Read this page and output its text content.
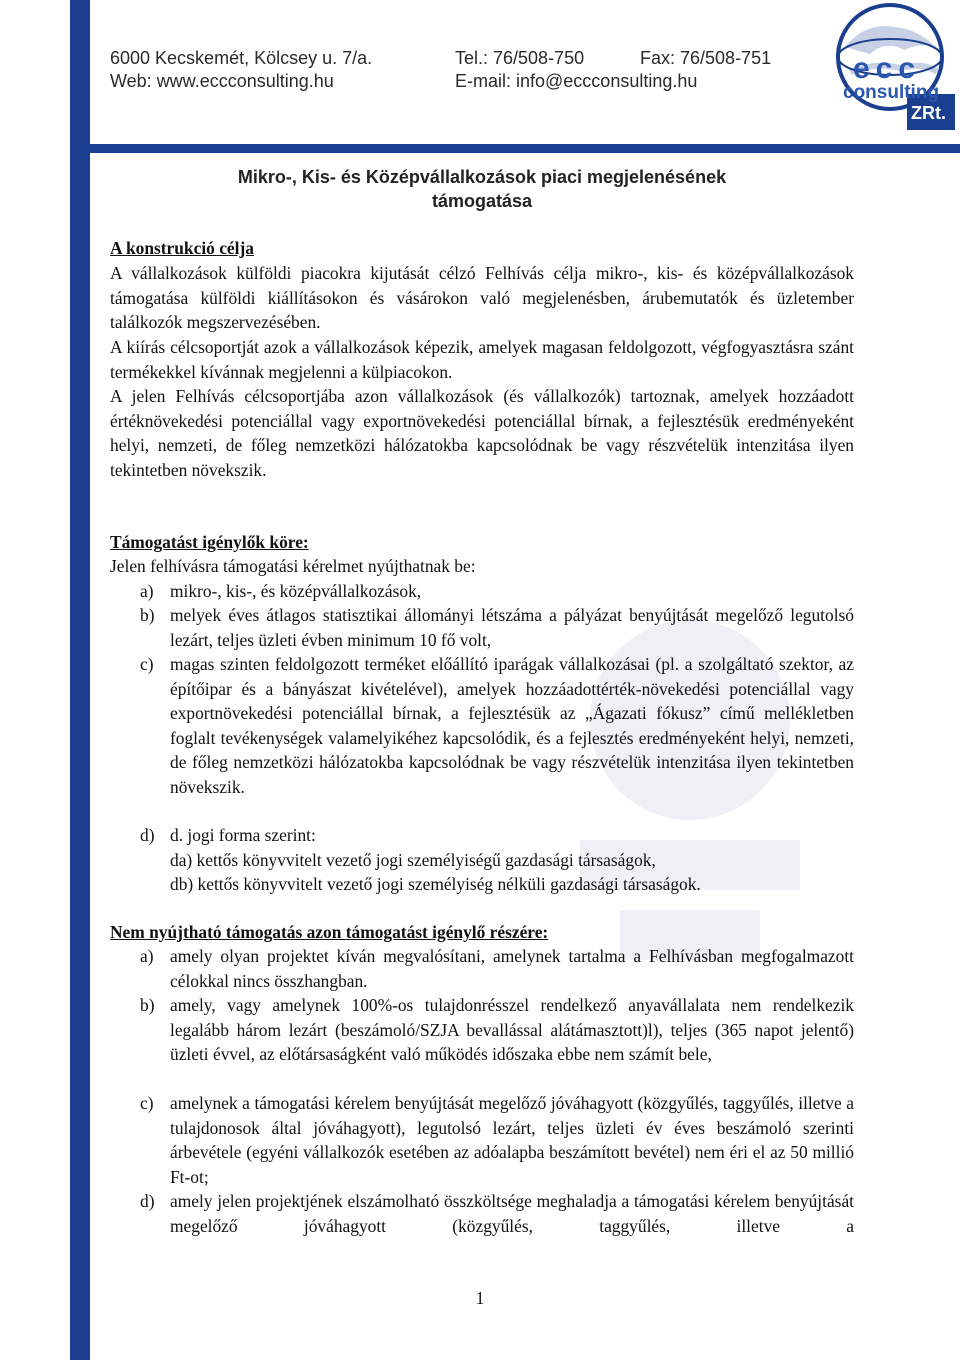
6000 Kecskemét, Kölcsey u. 7/a.	Tel.: 76/508-750	Fax: 76/508-751
Web: www.eccconsulting.hu	E-mail: info@eccconsulting.hu	ecc
consulting
ZRt.
Mikro-, Kis- és Középvállalkozások piaci megjelenésének
támogatása
A konstrukció célja

A vállalkozások külföldi piacokra kijutását célzó Felhívás célja mikro-, kis- és középvállalkozások támogatása külföldi kiállításokon és vásárokon való megjelenésben, árubemutatók és üzletember találkozók megszervezésében.

A kiírás célcsoportját azok a vállalkozások képezik, amelyek magasan feldolgozott, végfogyasztásra szánt termékekkel kívánnak megjelenni a külpiacokon.

A jelen Felhívás célcsoportjába azon vállalkozások (és vállalkozók) tartoznak, amelyek hozzáadott értéknövekedési potenciállal vagy exportnövekedési potenciállal bírnak, a fejlesztésük eredményeként helyi, nemzeti, de főleg nemzetközi hálózatokba kapcsolódnak be vagy részvételük intenzitása ilyen tekintetben növekszik.

Támogatást igénylők köre:
Jelen felhívásra támogatási kérelmet nyújthatnak be:
a) mikro-, kis-, és középvállalkozások,
b) melyek éves átlagos statisztikai állományi létszáma a pályázat benyújtását megelőző legutolsó lezárt, teljes üzleti évben minimum 10 fő volt,
c) magas szinten feldolgozott terméket előállító iparágak vállalkozásai (pl. a szolgáltató szektor, az építőipar és a bányászat kivételével), amelyek hozzáadottérték-növekedési potenciállal vagy exportnövekedési potenciállal bírnak, a fejlesztésük az „Ágazati fókusz” című mellékletben foglalt tevékenységek valamelyikéhez kapcsolódik, és a fejlesztés eredményeként helyi, nemzeti, de főleg nemzetközi hálózatokba kapcsolódnak be vagy részvételük intenzitása ilyen tekintetben növekszik.
d) d. jogi forma szerint:
da) kettős könyvvitelt vezető jogi személyiségű gazdasági társaságok,
db) kettős könyvvitelt vezető jogi személyiség nélküli gazdasági társaságok.
Nem nyújtható támogatás azon támogatást igénylő részére:
a) amely olyan projektet kíván megvalósítani, amelynek tartalma a Felhívásban megfogalmazott célokkal nincs összhangban.
b) amely, vagy amelynek 100%-os tulajdonrésszel rendelkező anyavállalata nem rendelkezik legalább három lezárt (beszámoló/SZJA bevallással alátámasztott)l), teljes (365 napot jelentő) üzleti évvel, az előtársaságként való működés időszaka ebbe nem számít bele,
c) amelynek a támogatási kérelem benyújtását megelőző jóváhagyott (közgyűlés, taggyűlés, illetve a tulajdonosok által jóváhagyott), legutolsó lezárt, teljes üzleti év éves beszámoló szerinti árbevétele (egyéni vállalkozók esetében az adóalapba beszámított bevétel) nem éri el az 50 millió Ft-ot;
d) amely jelen projektjének elszámolható összköltsége meghaladja a támogatási kérelem benyújtását megelőző jóváhagyott (közgyűlés, taggyűlés, illetve a
1
